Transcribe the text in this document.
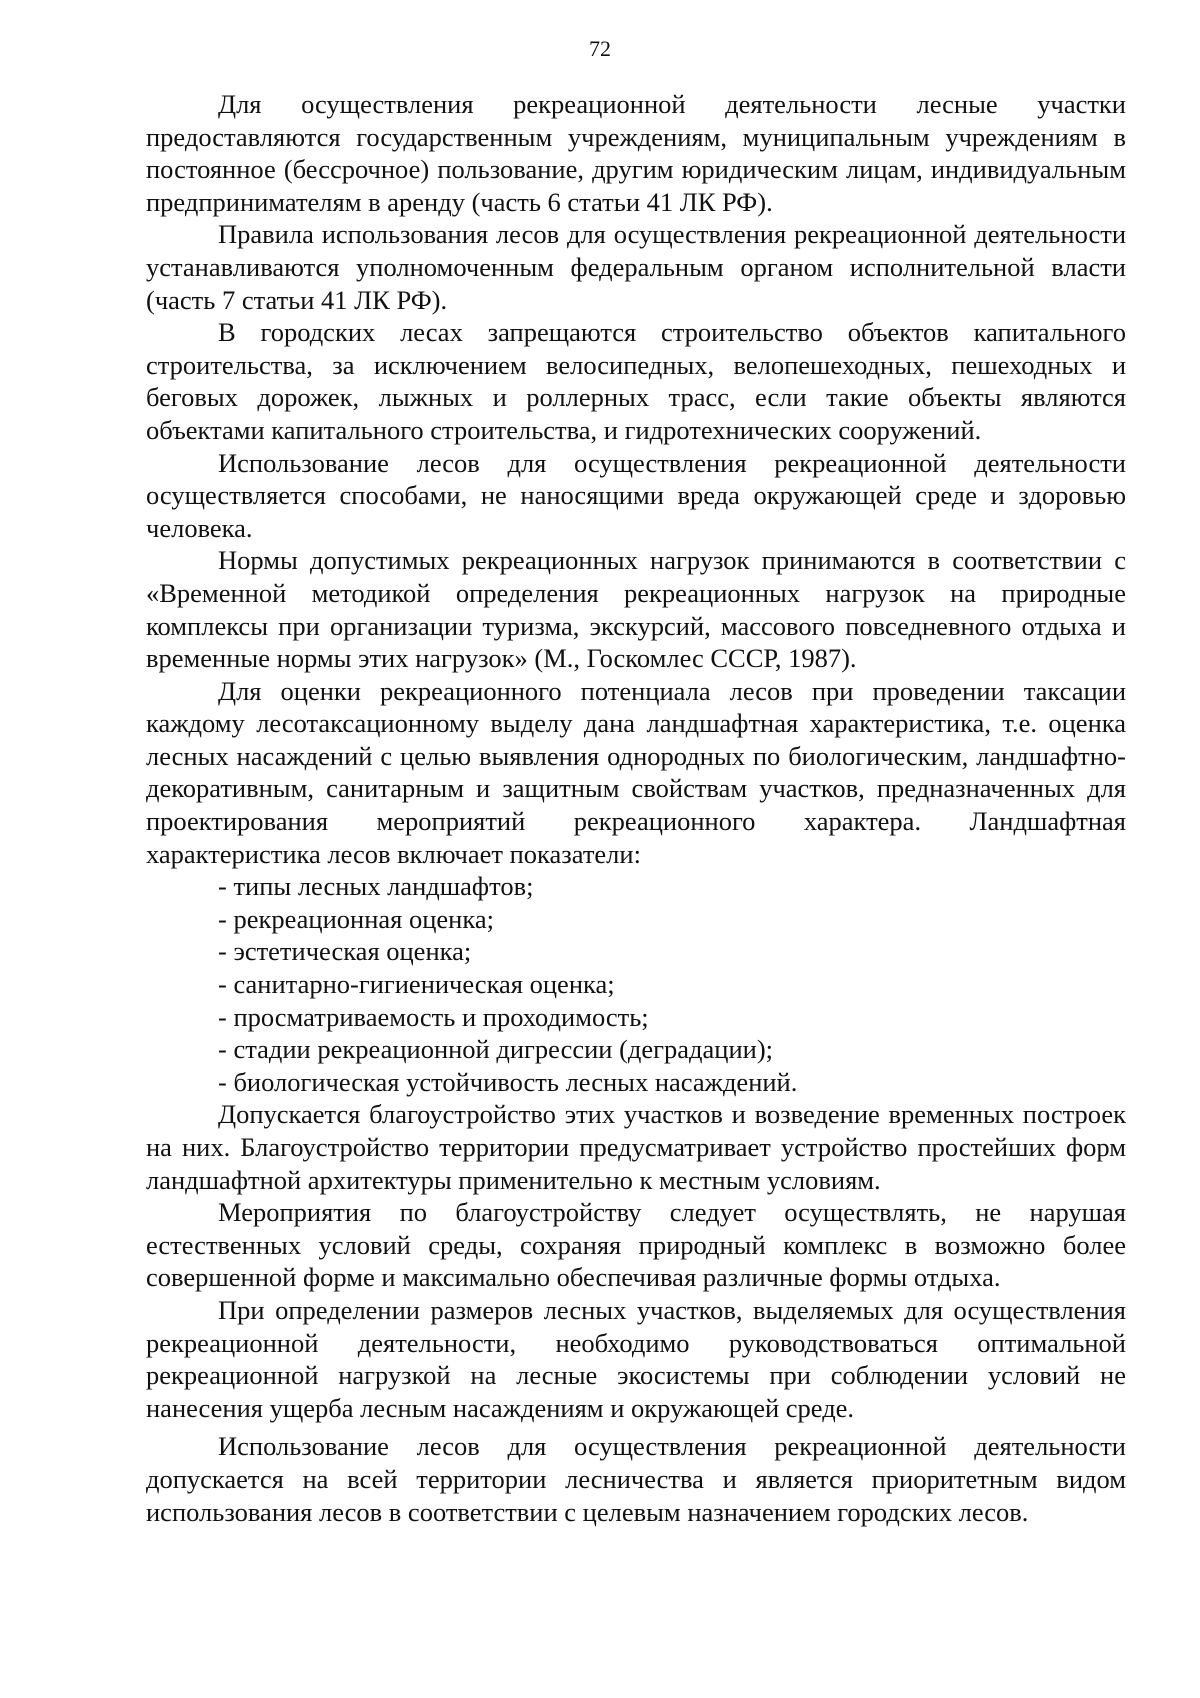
72

Для осуществления рекреационной деятельности лесные участки предоставляются государственным учреждениям, муниципальным учреждениям в постоянное (бессрочное) пользование, другим юридическим лицам, индивидуальным предпринимателям в аренду (часть 6 статьи 41 ЛК РФ).

Правила использования лесов для осуществления рекреационной деятельности устанавливаются уполномоченным федеральным органом исполнительной власти (часть 7 статьи 41 ЛК РФ).

В городских лесах запрещаются строительство объектов капитального строительства, за исключением велосипедных, велопешеходных, пешеходных и беговых дорожек, лыжных и роллерных трасс, если такие объекты являются объектами капитального строительства, и гидротехнических сооружений.

Использование лесов для осуществления рекреационной деятельности осуществляется способами, не наносящими вреда окружающей среде и здоровью человека.

Нормы допустимых рекреационных нагрузок принимаются в соответствии с «Временной методикой определения рекреационных нагрузок на природные комплексы при организации туризма, экскурсий, массового повседневного отдыха и временные нормы этих нагрузок» (М., Госкомлес СССР, 1987).

Для оценки рекреационного потенциала лесов при проведении таксации каждому лесотаксационному выделу дана ландшафтная характеристика, т.е. оценка лесных насаждений с целью выявления однородных по биологическим, ландшафтно-декоративным, санитарным и защитным свойствам участков, предназначенных для проектирования мероприятий рекреационного характера. Ландшафтная характеристика лесов включает показатели:

- типы лесных ландшафтов;
- рекреационная оценка;
- эстетическая оценка;
- санитарно-гигиеническая оценка;
- просматриваемость и проходимость;
- стадии рекреационной дигрессии (деградации);
- биологическая устойчивость лесных насаждений.

Допускается благоустройство этих участков и возведение временных построек на них. Благоустройство территории предусматривает устройство простейших форм ландшафтной архитектуры применительно к местным условиям.

Мероприятия по благоустройству следует осуществлять, не нарушая естественных условий среды, сохраняя природный комплекс в возможно более совершенной форме и максимально обеспечивая различные формы отдыха.

При определении размеров лесных участков, выделяемых для осуществления рекреационной деятельности, необходимо руководствоваться оптимальной рекреационной нагрузкой на лесные экосистемы при соблюдении условий не нанесения ущерба лесным насаждениям и окружающей среде.

Использование лесов для осуществления рекреационной деятельности допускается на всей территории лесничества и является приоритетным видом использования лесов в соответствии с целевым назначением городских лесов.
